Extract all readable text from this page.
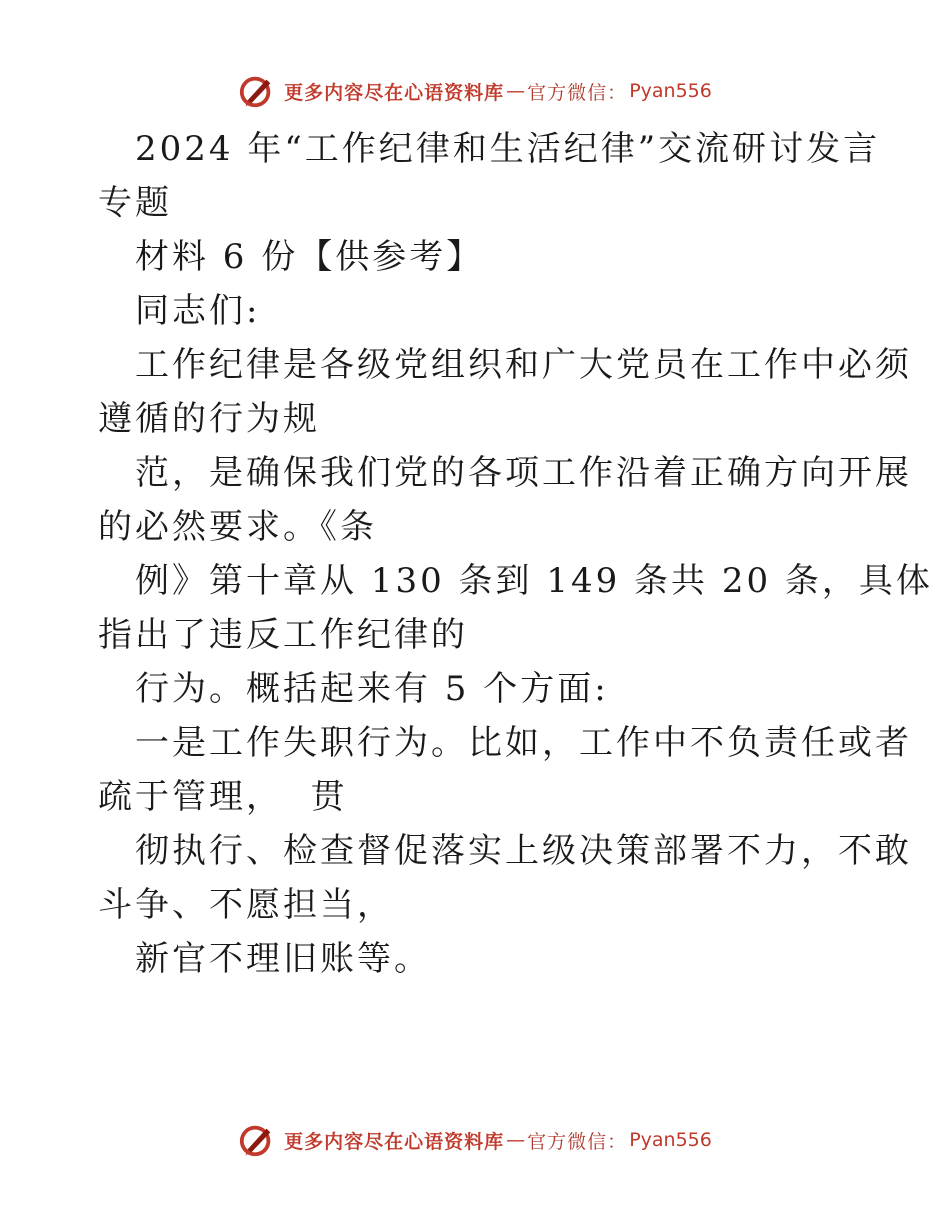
更多内容尽在心语资料库 — 官方微信： Pyan556
2024 年“工作纪律和生活纪律”交流研讨发言
专题
材料 6 份【供参考】
同志们:
工作纪律是各级党组织和广大党员在工作中必须
遵循的行为规
范，是确保我们党的各项工作沿着正确方向开展
的必然要求。《条
例》第十章从 130 条到 149 条共 20 条，具体
指出了违反工作纪律的
行为。概括起来有 5 个方面:
一是工作失职行为。比如，工作中不负责任或者
疏于管理，  贯
彻执行、检查督促落实上级决策部署不力，不敢
斗争、不愿担当，
新官不理旧账等。
更多内容尽在心语资料库 — 官方微信： Pyan556
